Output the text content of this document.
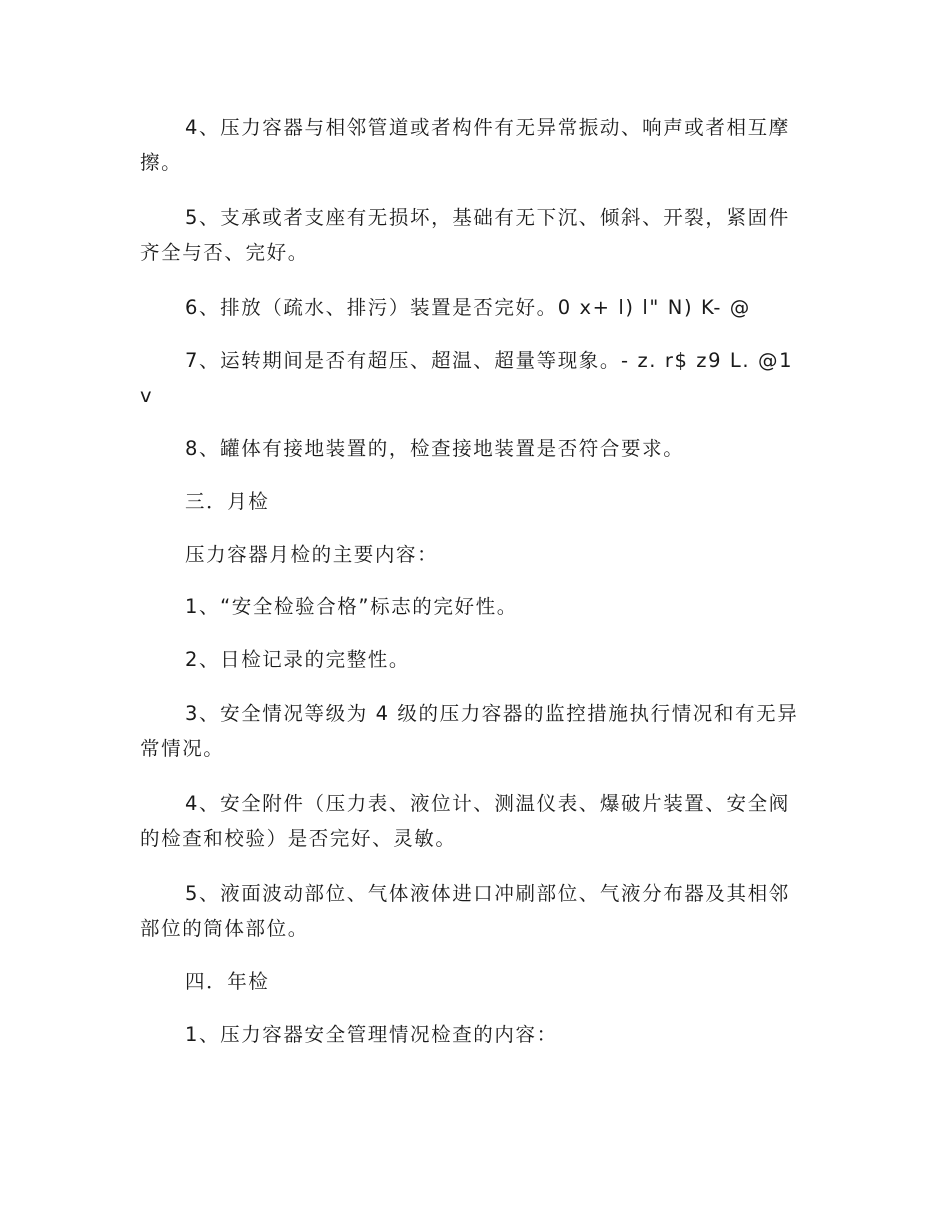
4、压力容器与相邻管道或者构件有无异常振动、响声或者相互摩擦。

5、支承或者支座有无损坏，基础有无下沉、倾斜、开裂，紧固件齐全与否、完好。

6、排放（疏水、排污）装置是否完好。0 x+ l) l" N) K- @

7、运转期间是否有超压、超温、超量等现象。- z. r$ z9 L. @1 v

8、罐体有接地装置的，检查接地装置是否符合要求。

三．月检

压力容器月检的主要内容：

1、“安全检验合格”标志的完好性。

2、日检记录的完整性。

3、安全情况等级为 4 级的压力容器的监控措施执行情况和有无异常情况。

4、安全附件（压力表、液位计、测温仪表、爆破片装置、安全阀的检查和校验）是否完好、灵敏。

5、液面波动部位、气体液体进口冲刷部位、气液分布器及其相邻部位的筒体部位。

四．年检

1、压力容器安全管理情况检查的内容：
